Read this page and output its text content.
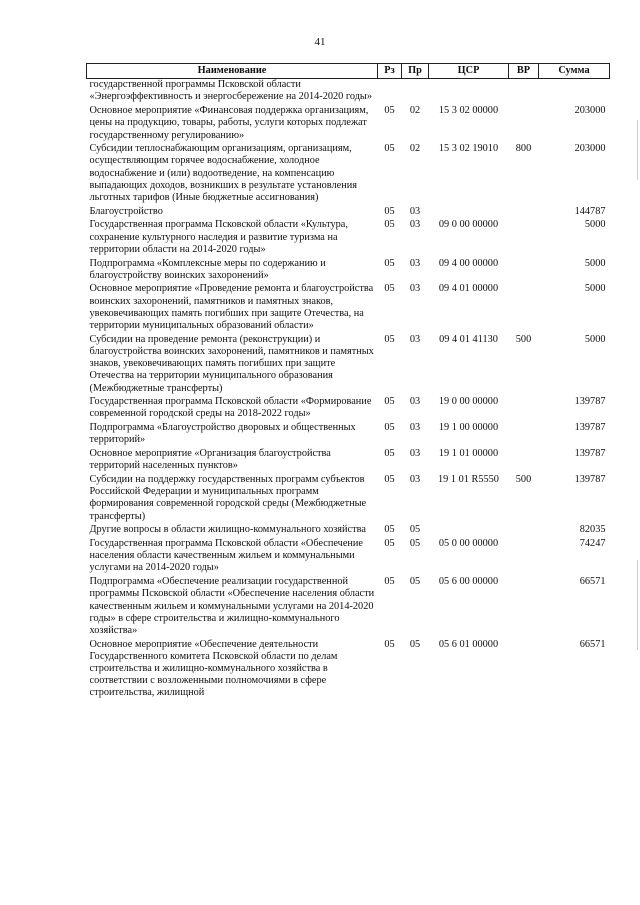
41
Наименование	Рз	Пр	ЦСР	ВР	Сумма
государственной программы Псковской области «Энергоэффективность и энергосбережение на 2014-2020 годы»					
Основное мероприятие «Финансовая поддержка организациям, цены на продукцию, товары, работы, услуги которых подлежат государственному регулированию»	05	02	15 3 02 00000		203000
Субсидии теплоснабжающим организациям, организациям, осуществляющим горячее водоснабжение, холодное водоснабжение и (или) водоотведение, на компенсацию выпадающих доходов, возникших в результате установления льготных тарифов (Иные бюджетные ассигнования)	05	02	15 3 02 19010	800	203000
Благоустройство	05	03			144787
Государственная программа Псковской области «Культура, сохранение культурного наследия и развитие туризма на территории области на 2014-2020 годы»	05	03	09 0 00 00000		5000
Подпрограмма «Комплексные меры по содержанию и благоустройству воинских захоронений»	05	03	09 4 00 00000		5000
Основное мероприятие «Проведение ремонта и благоустройства воинских захоронений, памятников и памятных знаков, увековечивающих память погибших при защите Отечества, на территории муниципальных образований области»	05	03	09 4 01 00000		5000
Субсидии на проведение ремонта (реконструкции) и благоустройства воинских захоронений, памятников и памятных знаков, увековечивающих память погибших при защите Отечества на территории муниципального образования (Межбюджетные трансферты)	05	03	09 4 01 41130	500	5000
Государственная программа Псковской области «Формирование современной городской среды на 2018-2022 годы»	05	03	19 0 00 00000		139787
Подпрограмма «Благоустройство дворовых и общественных территорий»	05	03	19 1 00 00000		139787
Основное мероприятие «Организация благоустройства территорий населенных пунктов»	05	03	19 1 01 00000		139787
Субсидии на поддержку государственных программ субъектов Российской Федерации и муниципальных программ формирования современной городской среды (Межбюджетные трансферты)	05	03	19 1 01 R5550	500	139787
Другие вопросы в области жилищно-коммунального хозяйства	05	05			82035
Государственная программа Псковской области «Обеспечение населения области качественным жильем и коммунальными услугами на 2014-2020 годы»	05	05	05 0 00 00000		74247
Подпрограмма «Обеспечение реализации государственной программы Псковской области «Обеспечение населения области качественным жильем и коммунальными услугами на 2014-2020 годы» в сфере строительства и жилищно-коммунального хозяйства»	05	05	05 6 00 00000		66571
Основное мероприятие «Обеспечение деятельности Государственного комитета Псковской области по делам строительства и жилищно-коммунального хозяйства в соответствии с возложенными полномочиями в сфере строительства, жилищной	05	05	05 6 01 00000		66571
